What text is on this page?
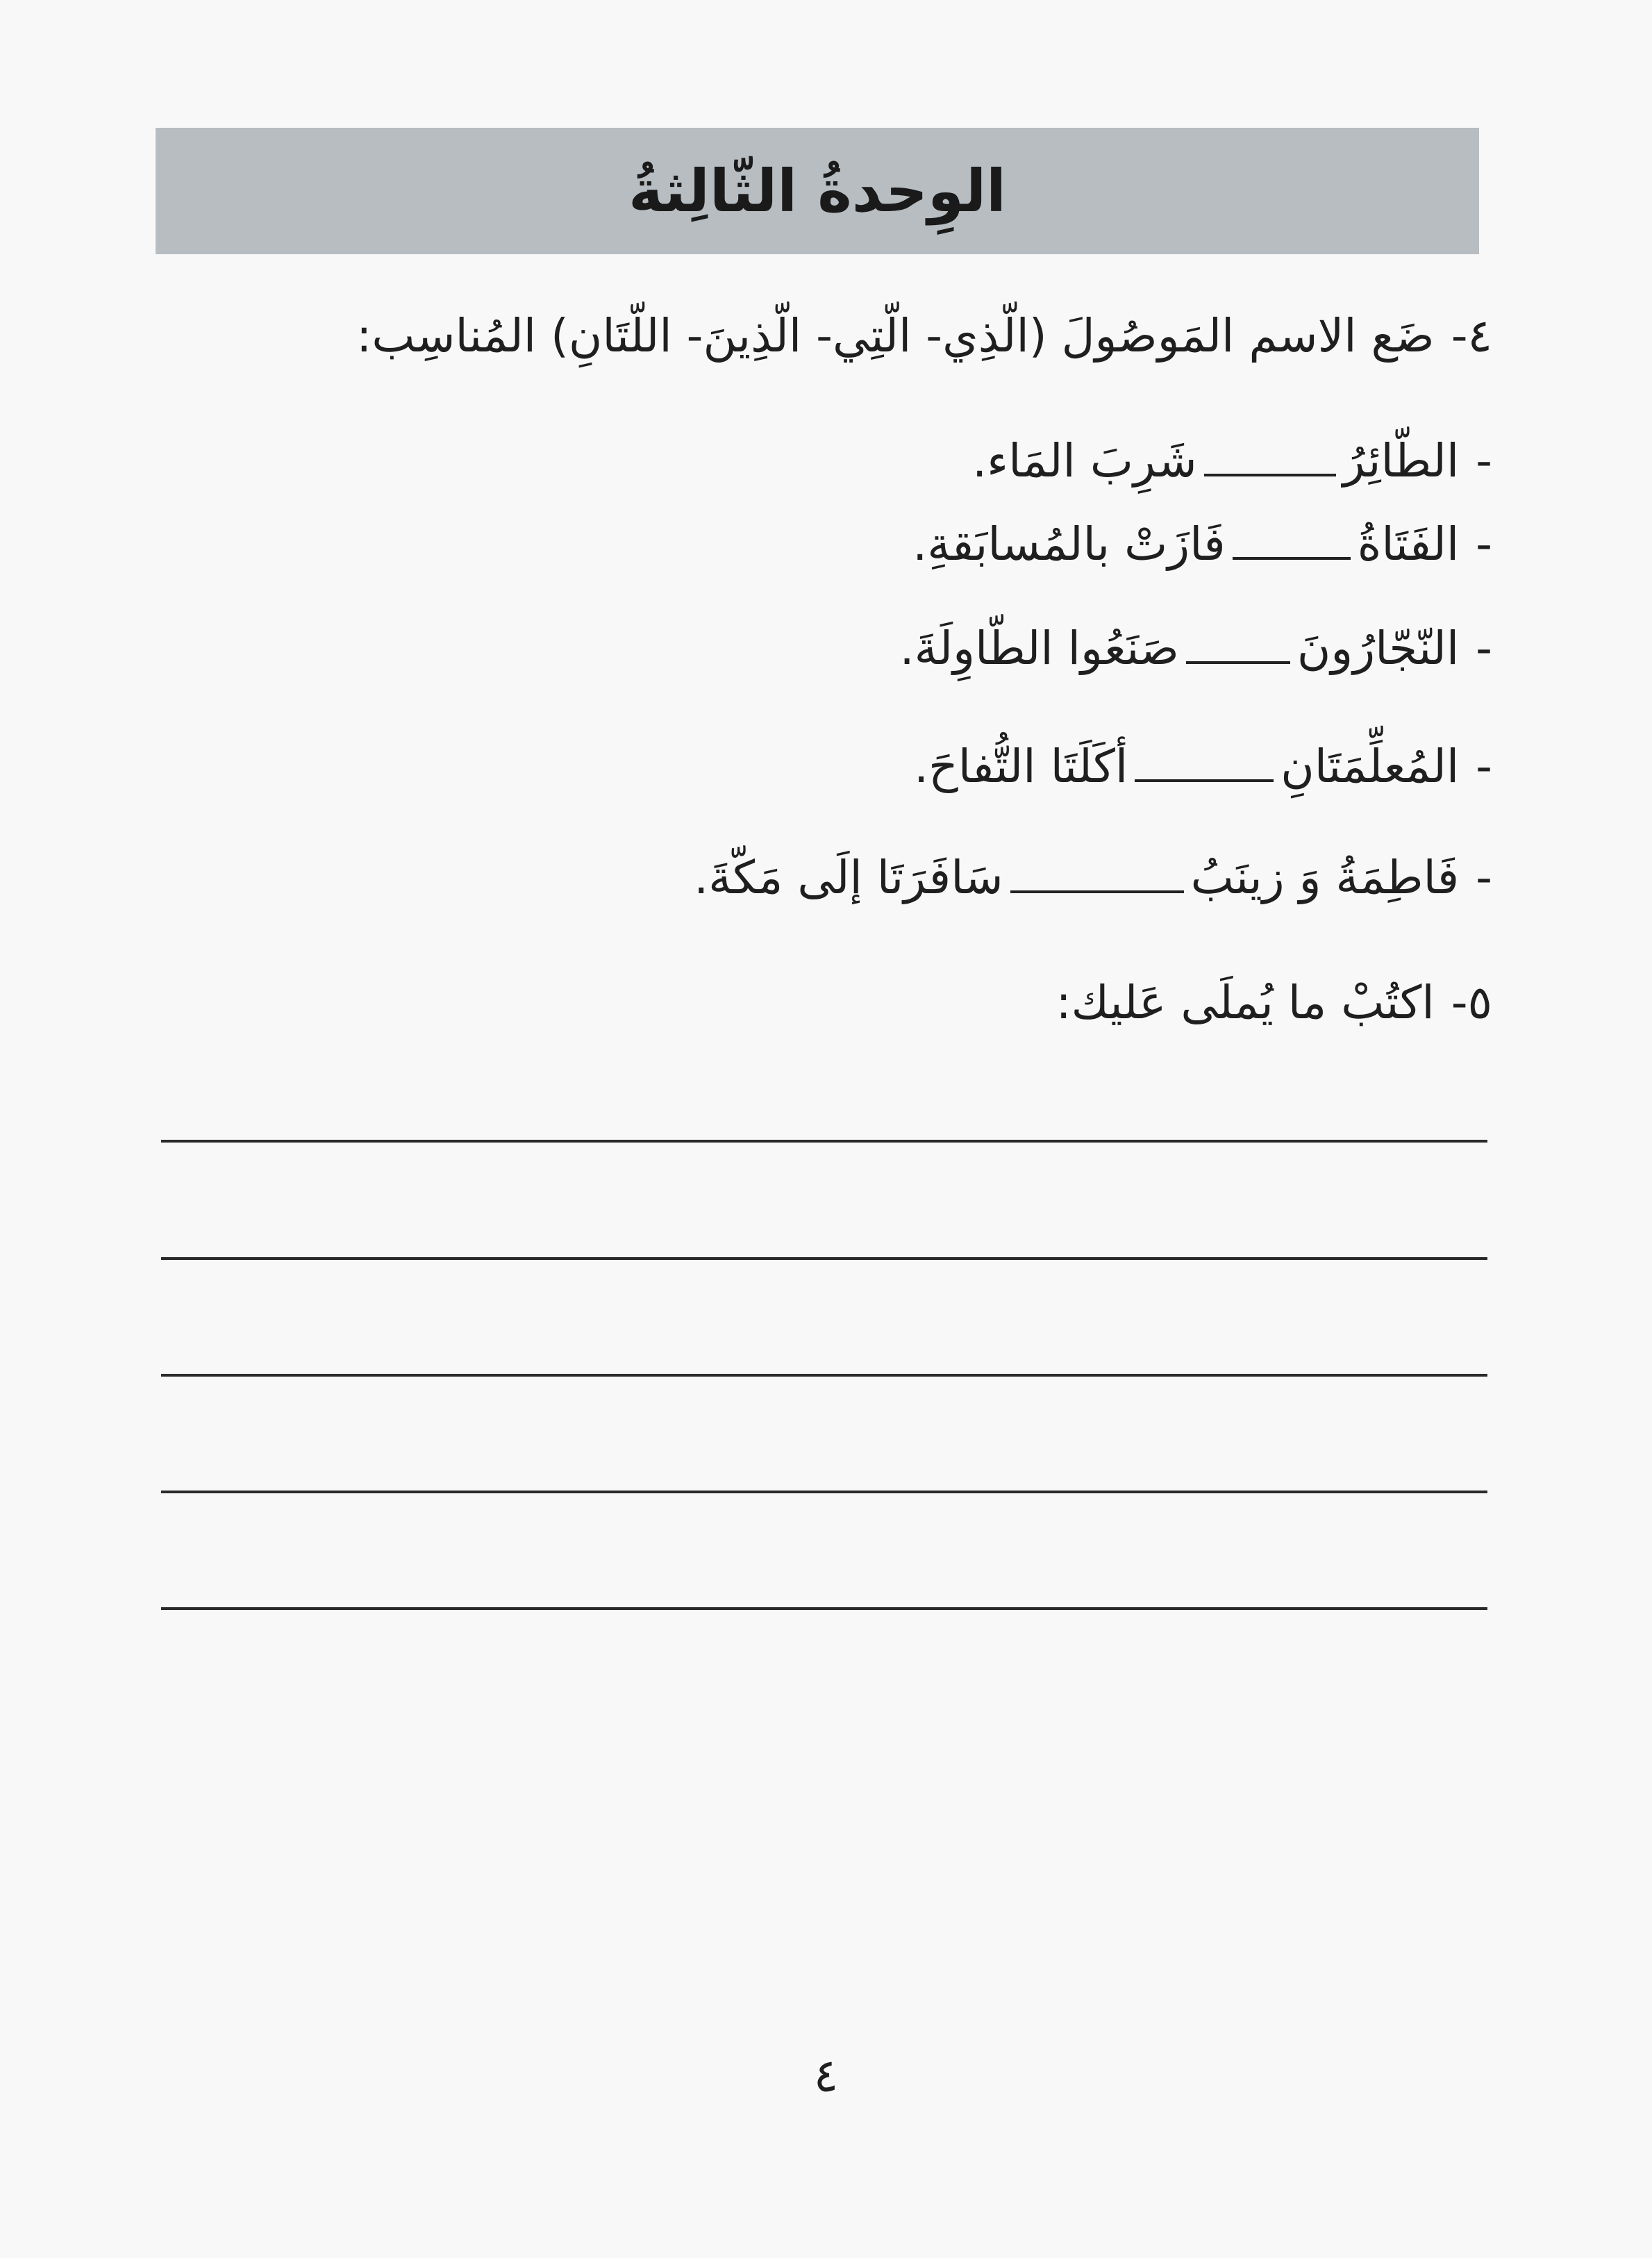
الوِحدةُ الثّالِثةُ
٤-ضَع الاسم المَوصُولَ (الّذِي- الّتِي- الّذِينَ- اللّتَانِ) المُناسِب:
-الطّائِرُشَرِبَ المَاء.
-الفَتَاةُفَازَتْ بالمُسابَقةِ.
-النّجّارُونَصَنَعُوا الطّاوِلَةَ.
-المُعلِّمَتَانِأكَلَتَا التُّفاحَ.
-فَاطِمَةُ وَ زينَبُسَافَرَتَا إلَى مَكّةَ.
٥-اكتُبْ ما يُملَى عَليك:
٤
